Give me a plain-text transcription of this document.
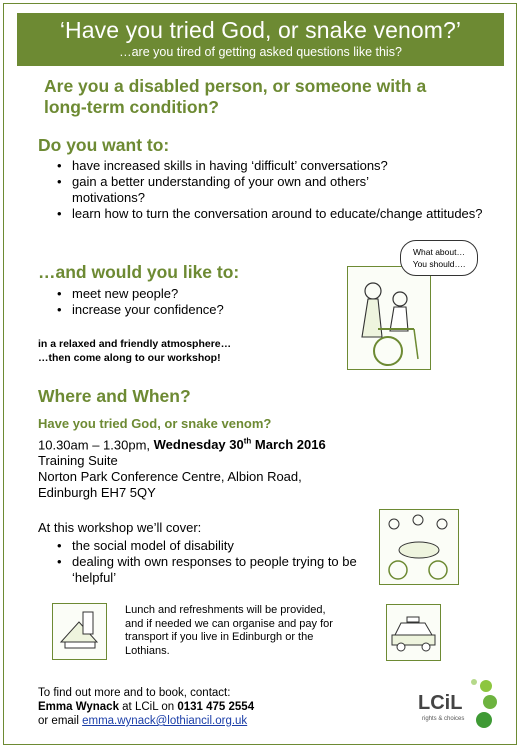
‘Have you tried God, or snake venom?’
…are you tired of getting asked questions like this?
Are you a disabled person, or someone with a long-term condition?
Do you want to:
• have increased skills in having ‘difficult’ conversations?
• gain a better understanding of your own and others’ motivations?
• learn how to turn the conversation around to educate/change attitudes?
…and would you like to:
• meet new people?
• increase your confidence?
What about…
You should….
in a relaxed and friendly atmosphere…
…then come along to our workshop!
Where and When?
Have you tried God, or snake venom?
10.30am – 1.30pm, Wednesday 30th March 2016
Training Suite
Norton Park Conference Centre, Albion Road,
Edinburgh EH7 5QY
At this workshop we’ll cover:
• the social model of disability
• dealing with own responses to people trying to be ‘helpful’
Lunch and refreshments will be provided,
and if needed we can organise and pay for
transport if you live in Edinburgh or the
Lothians.
To find out more and to book, contact:
Emma Wynack at LCiL on 0131 475 2554
or email emma.wynack@lothiancil.org.uk
LCiL
rights & choices
